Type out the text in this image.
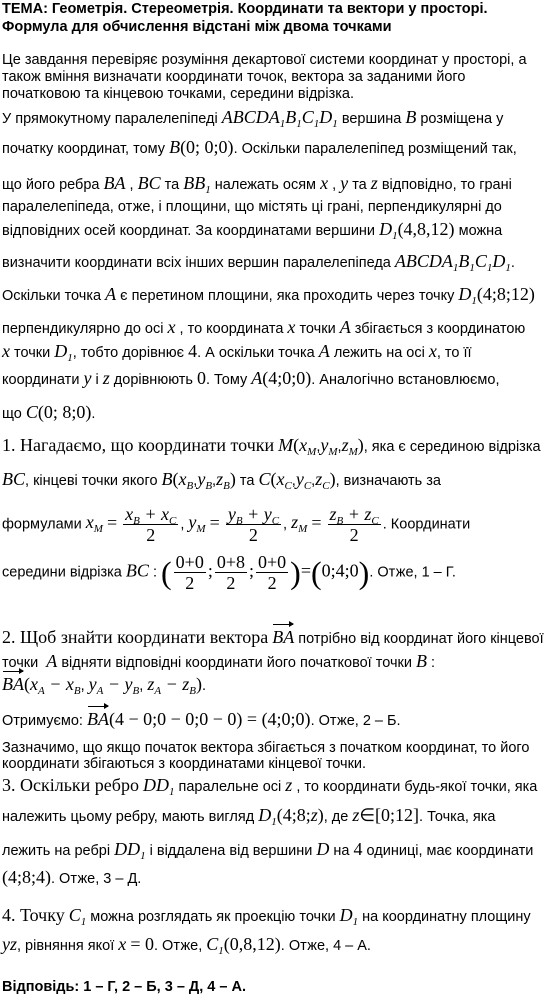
ТЕМА: Геометрія. Стереометрія. Координати та вектори у просторі.
Формула для обчислення відстані між двома точками
Це завдання перевіряє розуміння декартової системи координат у просторі, а
також вміння визначати координати точок, вектора за заданими його
початковою та кінцевою точками, середини відрізка.
У прямокутному паралелепіпеді $ABCDA_1B_1C_1D_1$ вершина B розміщена у
початку координат, тому B(0; 0;0). Оскільки паралелепіпед розміщений так,
що його ребра BA , BC та $BB_1$ належать осям x , y та z відповідно, то грані
паралелепіпеда, отже, і площини, що містять ці грані, перпендикулярні до
відповідних осей координат. За координатами вершини $D_1(4,8,12)$ можна
визначити координати всіх інших вершин паралелепіпеда $ABCDA_1B_1C_1D_1$.
Оскільки точка A є перетином площини, яка проходить через точку $D_1(4;8;12)$
перпендикулярно до осі x , то координата x точки A збігається з координатою
x точки $D_1$, тобто дорівнює 4. А оскільки точка A лежить на осі x, то її
координати y і z дорівнюють 0. Тому A(4;0;0). Аналогічно встановлюємо,
що C(0; 8;0).
1. Нагадаємо, що координати точки $M(x_M,y_M,z_M)$, яка є серединою відрізка
BC, кінцеві точки якого $B(x_B,y_B,z_B)$ та $C(x_C,y_C,z_C)$, визначають за
формулами $x_M = \frac{x_B + x_C}{2}$ , $y_M = \frac{y_B + y_C}{2}$ , $z_M = \frac{z_B + z_C}{2}$ . Координати
середини відрізка BC : ( $\frac{0+0}{2}$ ; $\frac{0+8}{2}$ ; $\frac{0+0}{2}$ )=(0;4;0). Отже, 1 – Г.
2. Щоб знайти координати вектора BA потрібно від координат його кінцевої
точки A відняти відповідні координати його початкової точки B :
$BA(x_A - x_B$, $y_A - y_B$, $z_A - z_B$).
Отримуємо: BA(4 − 0;0 − 0;0 − 0) = (4;0;0). Отже, 2 – Б.
Зазначимо, що якщо початок вектора збігається з початком координат, то його
координати збігаються з координатами кінцевої точки.
3. Оскільки ребро $DD_1$ паралельне осі z , то координати будь-якої точки, яка
належить цьому ребру, мають вигляд $D_1(4;8;z)$, де z∈[0;12]. Точка, яка
лежить на ребрі $DD_1$ і віддалена від вершини D на 4 одиниці, має координати
(4;8;4). Отже, 3 – Д.
4. Точку $C_1$ можна розглядать як проекцію точки $D_1$ на координатну площину
yz, рівняння якої x = 0. Отже, $C_1(0,8,12)$. Отже, 4 – А.
Відповідь: 1 – Г, 2 – Б, 3 – Д, 4 – А.
